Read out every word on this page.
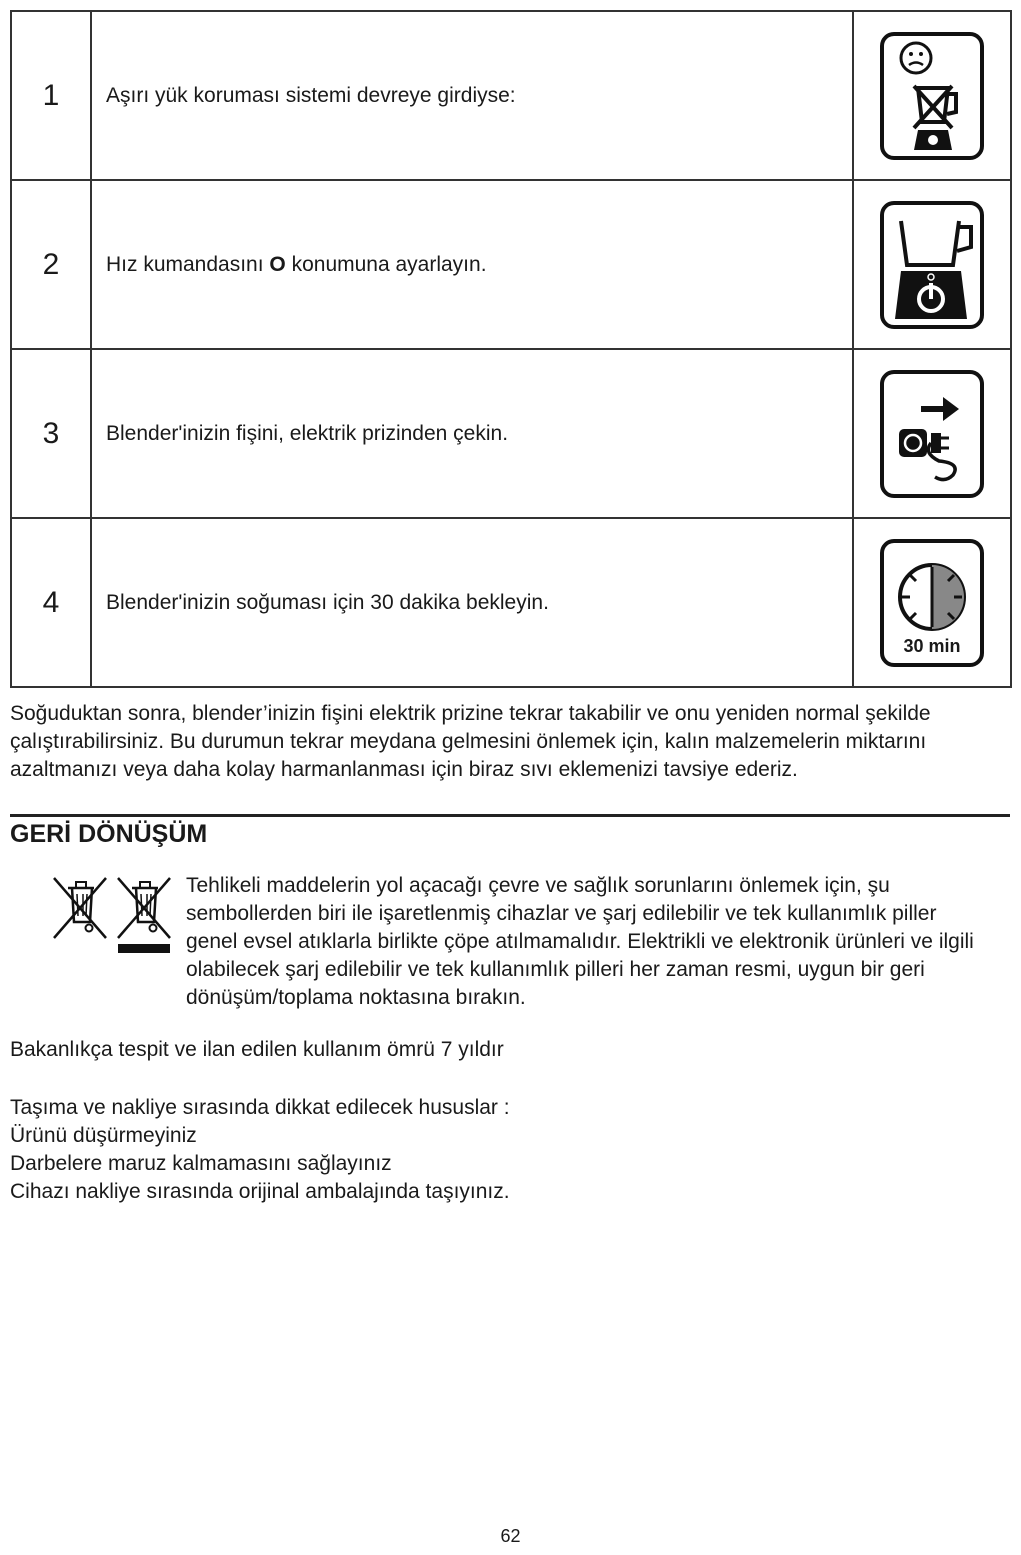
1	Aşırı yük koruması sistemi devreye girdiyse:	

2	Hız kumandasını O konumuna ayarlayın.	

3	Blender'inizin fişini, elektrik prizinden çekin.	

4	Blender'inizin soğuması için 30 dakika bekleyin.	30 min
Soğuduktan sonra, blender’inizin fişini elektrik prizine tekrar takabilir ve onu yeniden normal şekilde
çalıştırabilirsiniz. Bu durumun tekrar meydana gelmesini önlemek için, kalın malzemelerin miktarını
azaltmanızı veya daha kolay harmanlanması için biraz sıvı eklemenizi tavsiye ederiz.
GERİ DÖNÜŞÜM
Tehlikeli maddelerin yol açacağı çevre ve sağlık sorunlarını önlemek için, şu
sembollerden biri ile işaretlenmiş cihazlar ve şarj edilebilir ve tek kullanımlık piller
genel evsel atıklarla birlikte çöpe atılmamalıdır. Elektrikli ve elektronik ürünleri ve ilgili
olabilecek şarj edilebilir ve tek kullanımlık pilleri her zaman resmi, uygun bir geri
dönüşüm/toplama noktasına bırakın.
Bakanlıkça tespit ve ilan edilen kullanım ömrü 7 yıldır
Taşıma ve nakliye sırasında dikkat edilecek hususlar :
Ürünü düşürmeyiniz
Darbelere maruz kalmamasını sağlayınız
Cihazı nakliye sırasında orijinal ambalajında taşıyınız.
62
